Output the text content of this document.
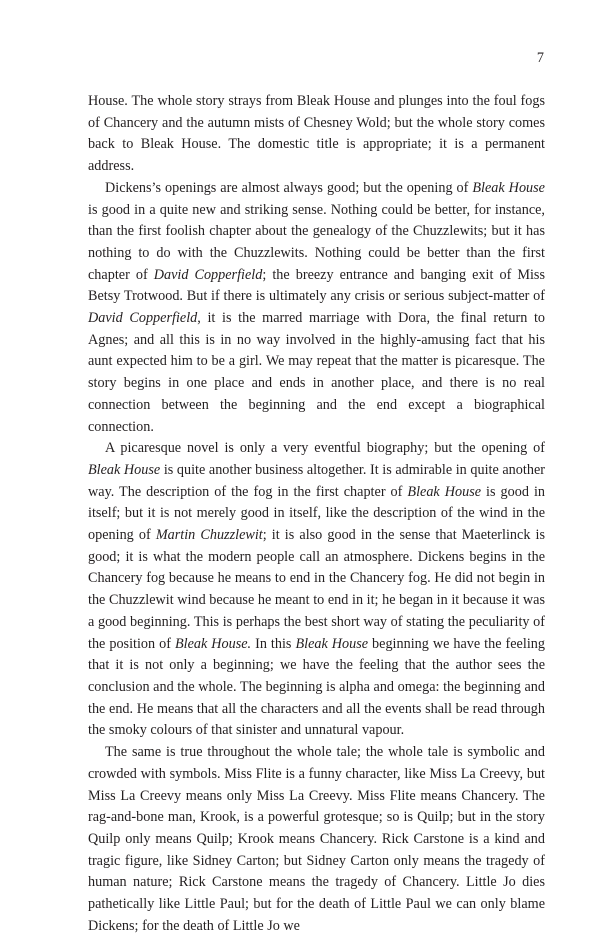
7

House. The whole story strays from Bleak House and plunges into the foul fogs of Chancery and the autumn mists of Chesney Wold; but the whole story comes back to Bleak House. The domestic title is appropriate; it is a permanent address.

Dickens’s openings are almost always good; but the opening of Bleak House is good in a quite new and striking sense. Nothing could be better, for instance, than the first foolish chapter about the genealogy of the Chuzzlewits; but it has nothing to do with the Chuzzlewits. Nothing could be better than the first chapter of David Copperfield; the breezy entrance and banging exit of Miss Betsy Trotwood. But if there is ultimately any crisis or serious subject-matter of David Copperfield, it is the marred marriage with Dora, the final return to Agnes; and all this is in no way involved in the highly-amusing fact that his aunt expected him to be a girl. We may repeat that the matter is picaresque. The story begins in one place and ends in another place, and there is no real connection between the beginning and the end except a biographical connection.

A picaresque novel is only a very eventful biography; but the opening of Bleak House is quite another business altogether. It is admirable in quite another way. The description of the fog in the first chapter of Bleak House is good in itself; but it is not merely good in itself, like the description of the wind in the opening of Martin Chuzzlewit; it is also good in the sense that Maeterlinck is good; it is what the modern people call an atmosphere. Dickens begins in the Chancery fog because he means to end in the Chancery fog. He did not begin in the Chuzzlewit wind because he meant to end in it; he began in it because it was a good beginning. This is perhaps the best short way of stating the peculiarity of the position of Bleak House. In this Bleak House beginning we have the feeling that it is not only a beginning; we have the feeling that the author sees the conclusion and the whole. The beginning is alpha and omega: the beginning and the end. He means that all the characters and all the events shall be read through the smoky colours of that sinister and unnatural vapour.

The same is true throughout the whole tale; the whole tale is symbolic and crowded with symbols. Miss Flite is a funny character, like Miss La Creevy, but Miss La Creevy means only Miss La Creevy. Miss Flite means Chancery. The rag-and-bone man, Krook, is a powerful grotesque; so is Quilp; but in the story Quilp only means Quilp; Krook means Chancery. Rick Carstone is a kind and tragic figure, like Sidney Carton; but Sidney Carton only means the tragedy of human nature; Rick Carstone means the tragedy of Chancery. Little Jo dies pathetically like Little Paul; but for the death of Little Paul we can only blame Dickens; for the death of Little Jo we
